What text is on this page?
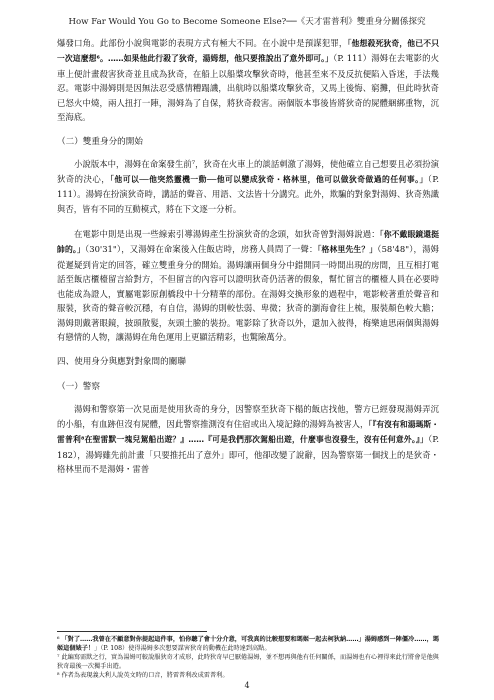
How Far Would You Go to Become Someone Else?──《天才雷普利》雙重身分關係探究

爆發口角。此部份小說與電影的表現方式有極大不同。在小說中是預謀犯罪，「他想殺死狄奇，他已不只一次這麼想⁶。……如果他此行殺了狄奇，湯姆想，他只要推說出了意外即可。」（P. 111）湯姆在去電影的火車上便計畫殺害狄奇並且成為狄奇，在船上以船槳攻擊狄奇時，他甚至來不及反抗便陷入昏迷，手法幾忍。電影中湯姆則是因無法忍受感情糟蹋譏，出航時以船槳攻擊狄奇，又馬上後悔、窮攤，但此時狄奇已怒火中燒，兩人扭打一陣，湯姆為了自保，將狄奇殺害。兩個版本事後皆將狄奇的屍體綑綁重物，沉至海底。

（二）雙重身分的開始

小說版本中，湯姆在命案發生前⁷，狄奇在火車上的談話刺激了湯姆，使他確立自己想要且必須扮演狄奇的決心，「他可以──他突然靈機一動──他可以變成狄奇・格林里，他可以做狄奇做過的任何事。」（P. 111）。湯姆在扮演狄奇時，講話的聲音、用語、文法皆十分講究。此外，欺騙的對象對湯姆、狄奇熟識與否，皆有不同的互動模式，將在下文逐一分析。

在電影中則是出現一些線索引導湯姆產生扮演狄奇的念頭，如狄奇曾對湯姆說過：「你不戴眼鏡還挺帥的。」（30'31"），又湯姆在命案後入住飯店時，房務人員問了一聲：「格林里先生？」（58'48"），湯姆從遲疑到肯定的回答，確立雙重身分的開始。湯姆讓兩個身分中錯開同一時間出現的房間，且互相打電話至飯店櫃檯留言給對方，不但留言的內容可以證明狄奇仍活著的假象，幫忙留言的櫃檯人員在必要時也能成為證人，實屬電影原創橋段中十分精華的部份。在湯姆交換形象的過程中，電影較著重於聲音和服裝，狄奇的聲音較沉穩，有自信，湯姆的則較怯弱、卑微；狄奇的瀏海會往上梳，服裝顏色較大膽；湯姆則戴著眼鏡，披頭散髮，灰頭土臉的裝扮。電影除了狄奇以外，還加入彼得，梅樂迪思兩個與湯姆有戀情的人物，讓湯姆在角色運用上更顯活精彩，也驚險萬分。

四、使用身分與應對對象間的關聯

（一）警察

湯姆和警察第一次見面是使用狄奇的身分，因警察至狄奇下榻的飯店找他，警方已經發現湯姆弄沉的小船，有血跡但沒有屍體，因此警察推測沒有住宿或出入境記錄的湯姆為被害人，「『有沒有和湯瑪斯・雷普利⁸在聖雷默一塊兒駕船出遊？』……『可是我們那次駕船出遊，什麼事也沒發生，沒有任何意外。』」（P. 182），湯姆雖先前計畫「只要推托出了意外」即可，他卻改變了說辭，因為警察第一個找上的是狄奇・格林里而不是湯姆・雷普

⁶ 「對了……我曾在不顧意對你提起這件事，怕你聽了會十分介意，可我真的比較想要和瑪姬一起去柯狄納……」湯姆感到一陣僵冷……，瑪姬這個婊子！」（P. 108）使得湯姆多次想要謀害狄奇的動機在此時達到高點。

⁷ 此編寫需默之行，實為湯姆可較說服狄奇才成形，此時狄奇早已厭倦湯姆，並不想再與他有任何關係，而湯姆也有心裡得來此行將會是他與狄奇最後一次獨手出遊。

⁸ 作者為表現義大利人說英文時的口音，將雷普利改成雷普利。

4
